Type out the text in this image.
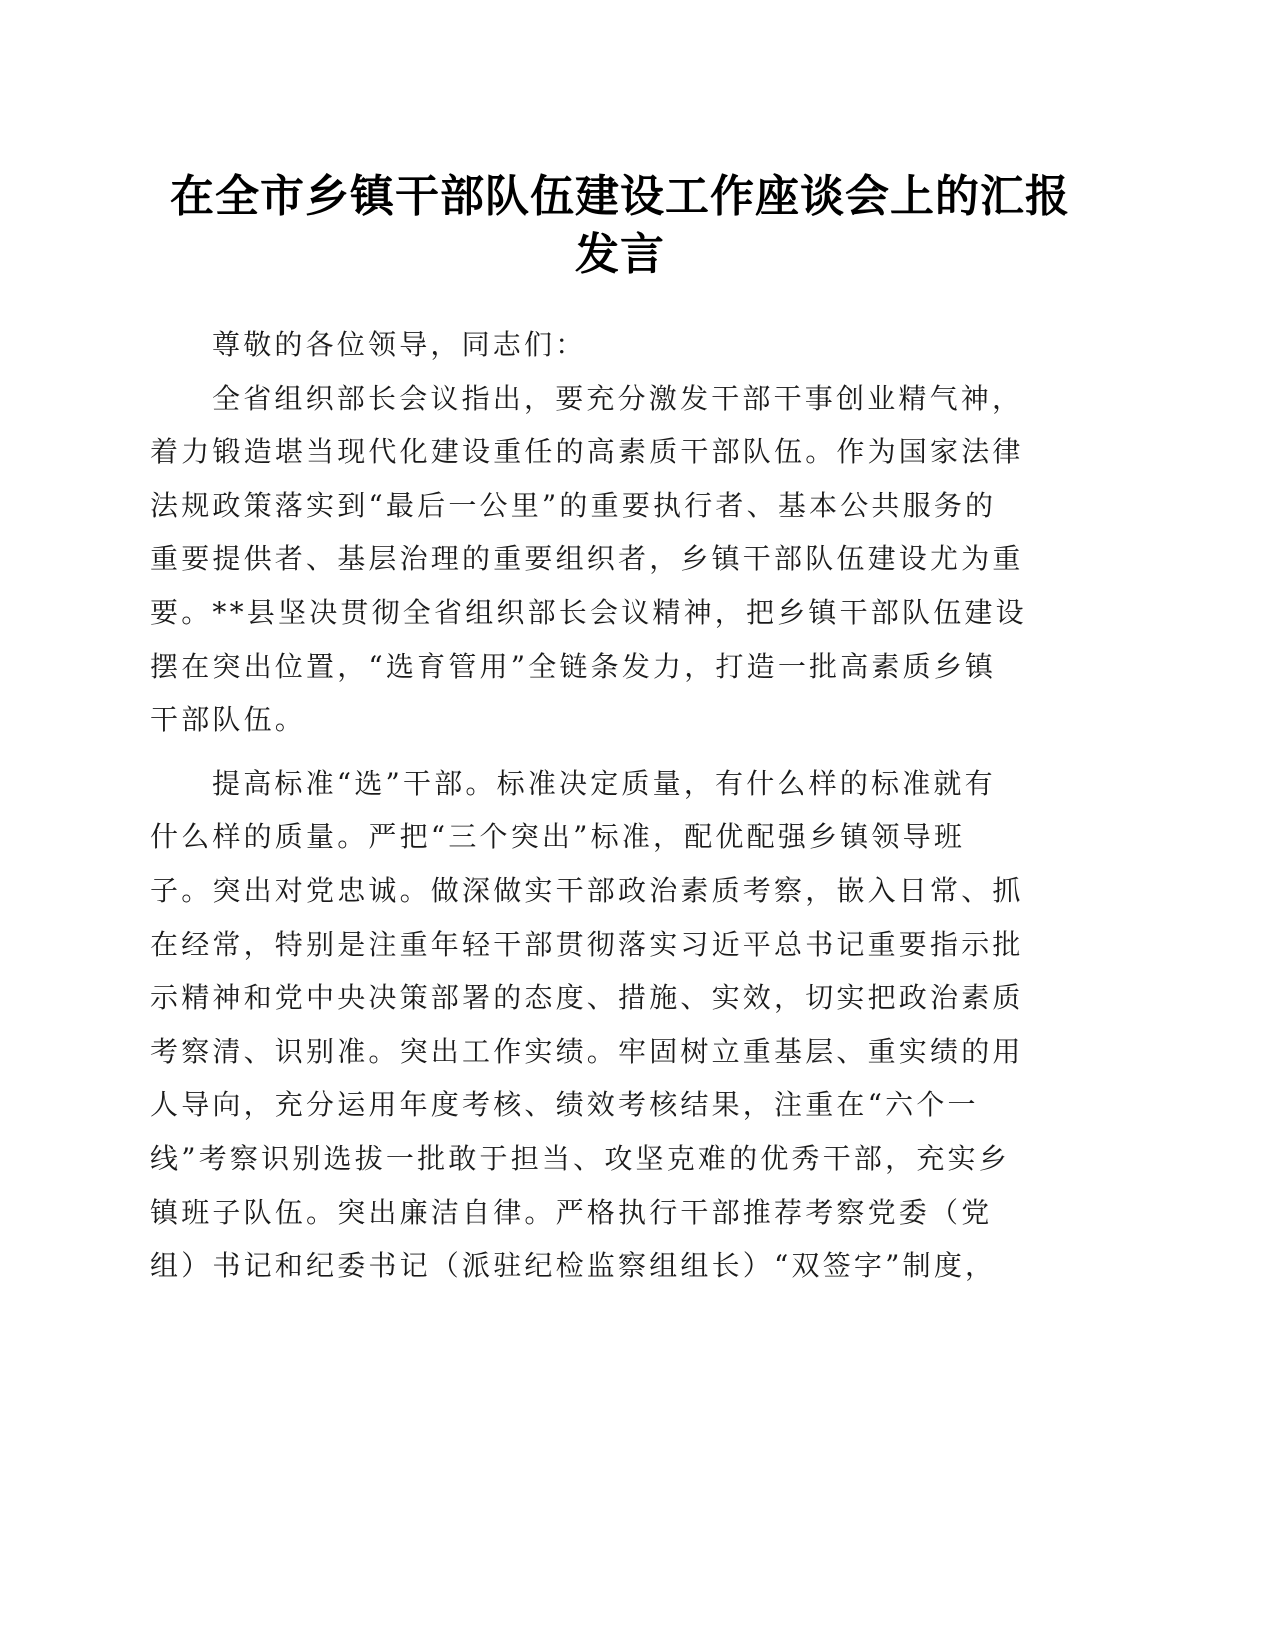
在全市乡镇干部队伍建设工作座谈会上的汇报
发言
尊敬的各位领导，同志们：
全省组织部长会议指出，要充分激发干部干事创业精气神，
着力锻造堪当现代化建设重任的高素质干部队伍。作为国家法律
法规政策落实到“最后一公里”的重要执行者、基本公共服务的
重要提供者、基层治理的重要组织者，乡镇干部队伍建设尤为重
要。**县坚决贯彻全省组织部长会议精神，把乡镇干部队伍建设
摆在突出位置，“选育管用”全链条发力，打造一批高素质乡镇
干部队伍。
提高标准“选”干部。标准决定质量，有什么样的标准就有
什么样的质量。严把“三个突出”标准，配优配强乡镇领导班
子。突出对党忠诚。做深做实干部政治素质考察，嵌入日常、抓
在经常，特别是注重年轻干部贯彻落实习近平总书记重要指示批
示精神和党中央决策部署的态度、措施、实效，切实把政治素质
考察清、识别准。突出工作实绩。牢固树立重基层、重实绩的用
人导向，充分运用年度考核、绩效考核结果，注重在“六个一
线”考察识别选拔一批敢于担当、攻坚克难的优秀干部，充实乡
镇班子队伍。突出廉洁自律。严格执行干部推荐考察党委（党
组）书记和纪委书记（派驻纪检监察组组长）“双签字”制度，
